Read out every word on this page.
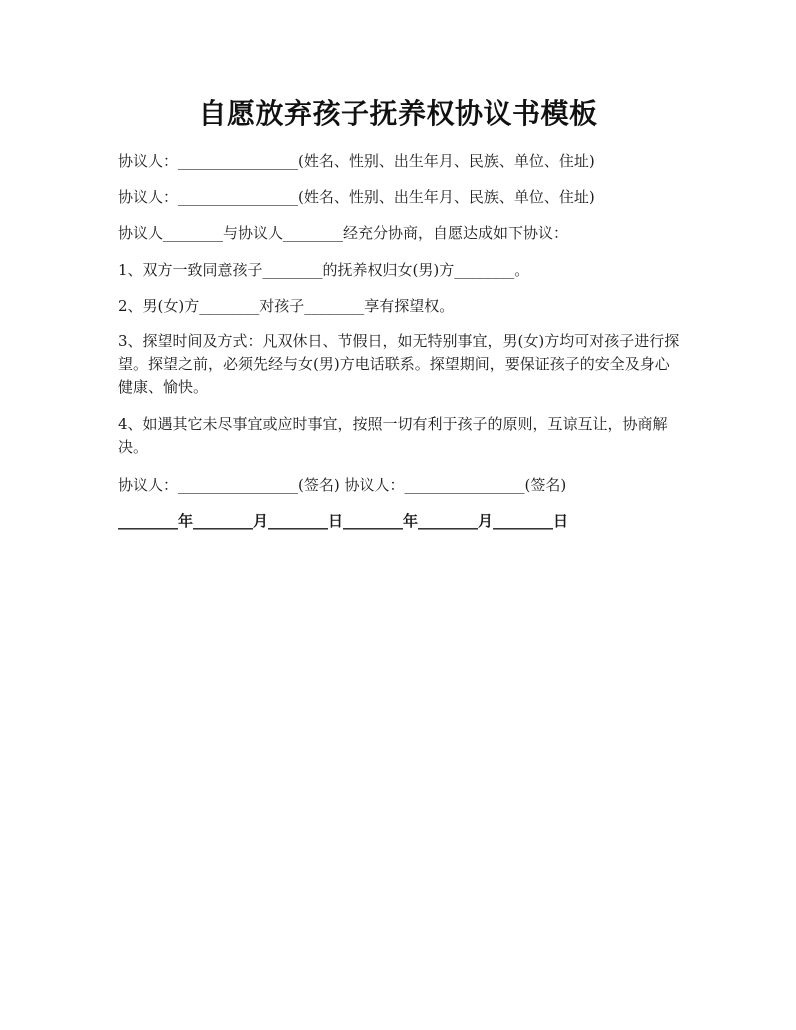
自愿放弃孩子抚养权协议书模板
协议人：________________(姓名、性别、出生年月、民族、单位、住址)
协议人：________________(姓名、性别、出生年月、民族、单位、住址)
协议人________与协议人________经充分协商，自愿达成如下协议：
1、双方一致同意孩子________的抚养权归女(男)方________。
2、男(女)方________对孩子________享有探望权。
3、探望时间及方式：凡双休日、节假日，如无特别事宜，男(女)方均可对孩子进行探望。探望之前，必须先经与女(男)方电话联系。探望期间，要保证孩子的安全及身心健康、愉快。
4、如遇其它未尽事宜或应时事宜，按照一切有利于孩子的原则，互谅互让，协商解决。
协议人：________________(签名) 协议人：________________(签名)
________年________月________日________年________月________日
